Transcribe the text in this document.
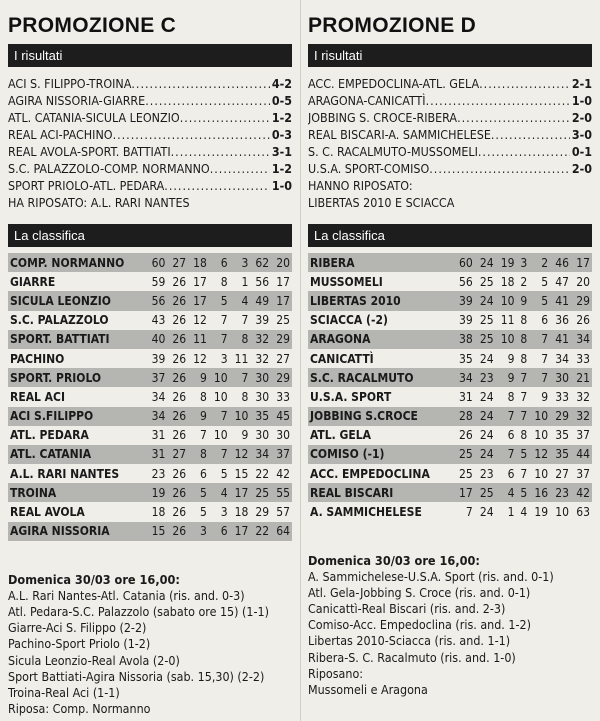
PROMOZIONE C
I risultati
ACI S. FILIPPO-TROINA .....	4-2
AGIRA NISSORIA-GIARRE .....	0-5
ATL. CATANIA-SICULA LEONZIO .....	1-2
REAL ACI-PACHINO .....	0-3
REAL AVOLA-SPORT. BATTIATI .....	3-1
S.C. PALAZZOLO-COMP. NORMANNO .....	1-2
SPORT PRIOLO-ATL. PEDARA .....	1-0
HA RIPOSATO: A.L. RARI NANTES
La classifica
COMP. NORMANNO	60	27	18	6	3	62	20
GIARRE	59	26	17	8	1	56	17
SICULA LEONZIO	56	26	17	5	4	49	17
S.C. PALAZZOLO	43	26	12	7	7	39	25
SPORT. BATTIATI	40	26	11	7	8	32	29
PACHINO	39	26	12	3	11	32	27
SPORT. PRIOLO	37	26	9	10	7	30	29
REAL ACI	34	26	8	10	8	30	33
ACI S.FILIPPO	34	26	9	7	10	35	45
ATL. PEDARA	31	26	7	10	9	30	30
ATL. CATANIA	31	27	8	7	12	34	37
A.L. RARI NANTES	23	26	6	5	15	22	42
TROINA	19	26	5	4	17	25	55
REAL AVOLA	18	26	5	3	18	29	57
AGIRA NISSORIA	15	26	3	6	17	22	64
Domenica 30/03 ore 16,00:
A.L. Rari Nantes-Atl. Catania (ris. and. 0-3)
Atl. Pedara-S.C. Palazzolo (sabato ore 15) (1-1)
Giarre-Aci S. Filippo (2-2)
Pachino-Sport Priolo (1-2)
Sicula Leonzio-Real Avola (2-0)
Sport Battiati-Agira Nissoria (sab. 15,30) (2-2)
Troina-Real Aci (1-1)
Riposa: Comp. Normanno
PROMOZIONE D
I risultati
ACC. EMPEDOCLINA-ATL. GELA .....	2-1
ARAGONA-CANICATTÌ .....	1-0
JOBBING S. CROCE-RIBERA .....	2-0
REAL BISCARI-A. SAMMICHELESE .....	3-0
S. C. RACALMUTO-MUSSOMELI .....	0-1
U.S.A. SPORT-COMISO .....	2-0
HANNO RIPOSATO:
LIBERTAS 2010 E SCIACCA
La classifica
RIBERA	60	24	19	3	2	46	17
MUSSOMELI	56	25	18	2	5	47	20
LIBERTAS 2010	39	24	10	9	5	41	29
SCIACCA (-2)	39	25	11	8	6	36	26
ARAGONA	38	25	10	8	7	41	34
CANICATTÌ	35	24	9	8	7	34	33
S.C. RACALMUTO	34	23	9	7	7	30	21
U.S.A. SPORT	31	24	8	7	9	33	32
JOBBING S.CROCE	28	24	7	7	10	29	32
ATL. GELA	26	24	6	8	10	35	37
COMISO (-1)	25	24	7	5	12	35	44
ACC. EMPEDOCLINA	25	23	6	7	10	27	37
REAL BISCARI	17	25	4	5	16	23	42
A. SAMMICHELESE	7	24	1	4	19	10	63
Domenica 30/03 ore 16,00:
A. Sammichelese-U.S.A. Sport (ris. and. 0-1)
Atl. Gela-Jobbing S. Croce (ris. and. 0-1)
Canicattì-Real Biscari (ris. and. 2-3)
Comiso-Acc. Empedoclina (ris. and. 1-2)
Libertas 2010-Sciacca (ris. and. 1-1)
Ribera-S. C. Racalmuto (ris. and. 1-0)
Riposano:
Mussomeli e Aragona
